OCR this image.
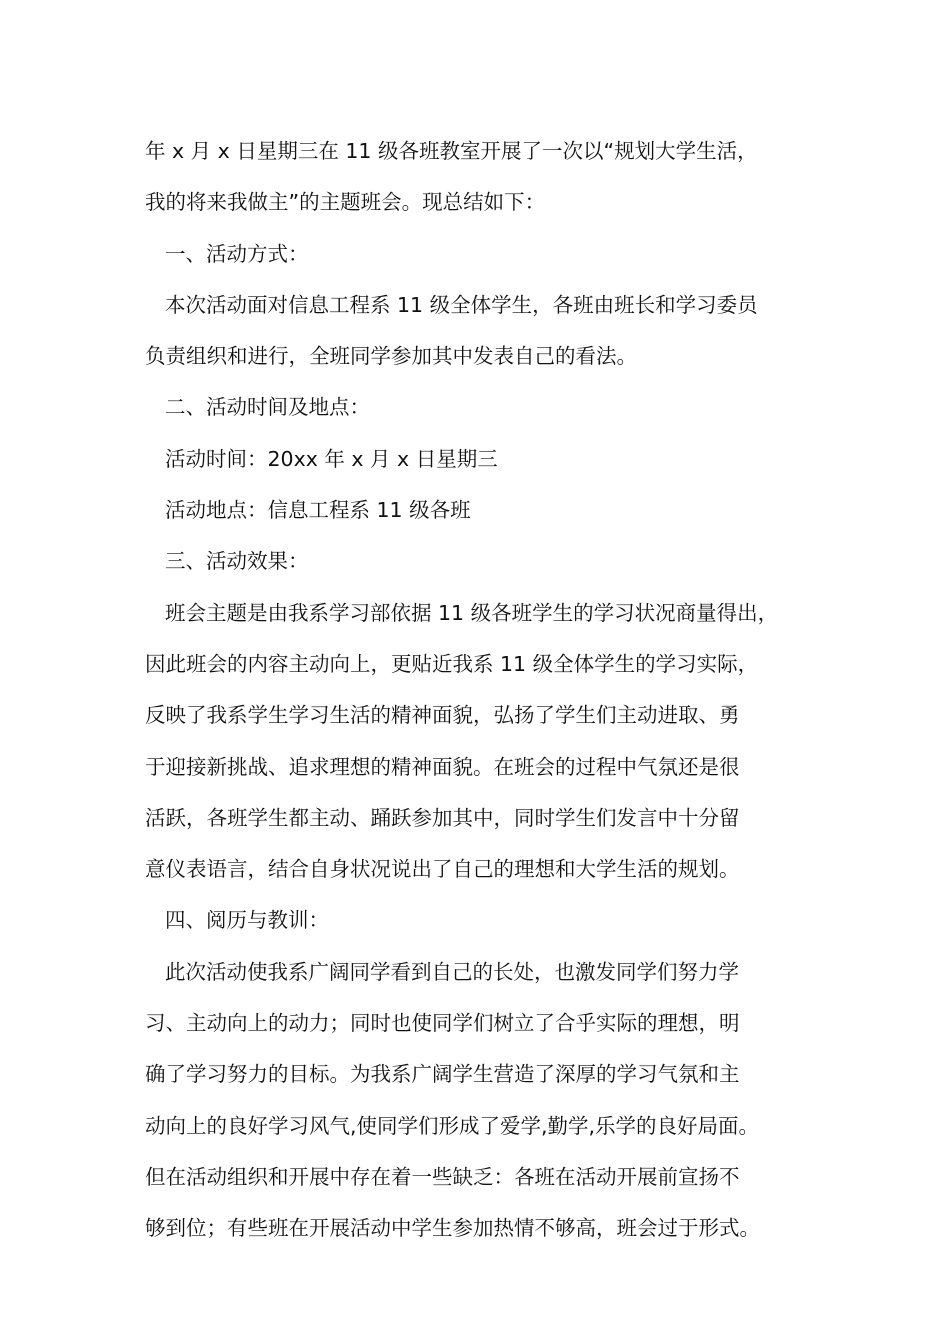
年 x 月 x 日星期三在 11 级各班教室开展了一次以“规划大学生活，
我的将来我做主”的主题班会。现总结如下：
一、活动方式：
本次活动面对信息工程系 11 级全体学生，各班由班长和学习委员
负责组织和进行，全班同学参加其中发表自己的看法。
二、活动时间及地点：
活动时间：20xx 年 x 月 x 日星期三
活动地点：信息工程系 11 级各班
三、活动效果：
班会主题是由我系学习部依据 11 级各班学生的学习状况商量得出，
因此班会的内容主动向上，更贴近我系 11 级全体学生的学习实际，
反映了我系学生学习生活的精神面貌，弘扬了学生们主动进取、勇
于迎接新挑战、追求理想的精神面貌。在班会的过程中气氛还是很
活跃，各班学生都主动、踊跃参加其中，同时学生们发言中十分留
意仪表语言，结合自身状况说出了自己的理想和大学生活的规划。
四、阅历与教训：
此次活动使我系广阔同学看到自己的长处，也激发同学们努力学
习、主动向上的动力；同时也使同学们树立了合乎实际的理想，明
确了学习努力的目标。为我系广阔学生营造了深厚的学习气氛和主
动向上的良好学习风气,使同学们形成了爱学,勤学,乐学的良好局面。
但在活动组织和开展中存在着一些缺乏：各班在活动开展前宣扬不
够到位；有些班在开展活动中学生参加热情不够高，班会过于形式。
